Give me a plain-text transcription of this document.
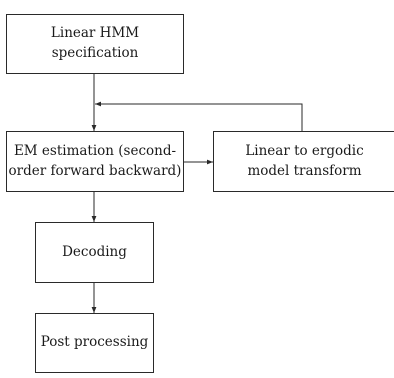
Linear HMM specification
EM estimation (second-
order forward backward)
Linear to ergodic
model transform
Decoding
Post processing
